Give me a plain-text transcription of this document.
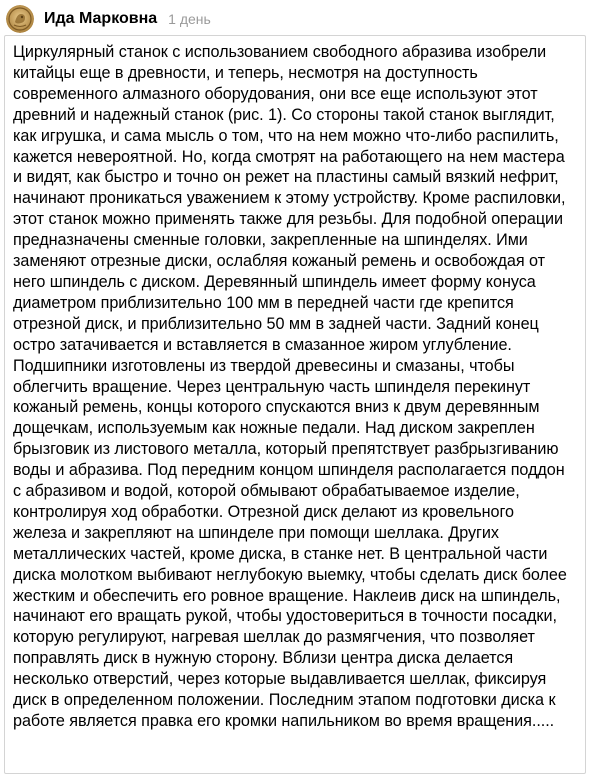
Ида Марковна 1 день

Циркулярный станок с использованием свободного абразива изобрели
китайцы еще в древности, и теперь, несмотря на доступность
современного алмазного оборудования, они все еще используют этот
древний и надежный станок (рис. 1). Со стороны такой станок выглядит,
как игрушка, и сама мысль о том, что на нем можно что-либо распилить,
кажется невероятной. Но, когда смотрят на работающего на нем мастера
и видят, как быстро и точно он режет на пластины самый вязкий нефрит,
начинают проникаться уважением к этому устройству. Кроме распиловки,
этот станок можно применять также для резьбы. Для подобной операции
предназначены сменные головки, закрепленные на шпинделях. Ими
заменяют отрезные диски, ослабляя кожаный ремень и освобождая от
него шпиндель с диском. Деревянный шпиндель имеет форму конуса
диаметром приблизительно 100 мм в передней части где крепится
отрезной диск, и приблизительно 50 мм в задней части. Задний конец
остро затачивается и вставляется в смазанное жиром углубление.
Подшипники изготовлены из твердой древесины и смазаны, чтобы
облегчить вращение. Через центральную часть шпинделя перекинут
кожаный ремень, концы которого спускаются вниз к двум деревянным
дощечкам, используемым как ножные педали. Над диском закреплен
брызговик из листового металла, который препятствует разбрызгиванию
воды и абразива. Под передним концом шпинделя располагается поддон
с абразивом и водой, которой обмывают обрабатываемое изделие,
контролируя ход обработки. Отрезной диск делают из кровельного
железа и закрепляют на шпинделе при помощи шеллака. Других
металлических частей, кроме диска, в станке нет. В центральной части
диска молотком выбивают неглубокую выемку, чтобы сделать диск более
жестким и обеспечить его ровное вращение. Наклеив диск на шпиндель,
начинают его вращать рукой, чтобы удостовериться в точности посадки,
которую регулируют, нагревая шеллак до размягчения, что позволяет
поправлять диск в нужную сторону. Вблизи центра диска делается
несколько отверстий, через которые выдавливается шеллак, фиксируя
диск в определенном положении. Последним этапом подготовки диска к
работе является правка его кромки напильником во время вращения.....
